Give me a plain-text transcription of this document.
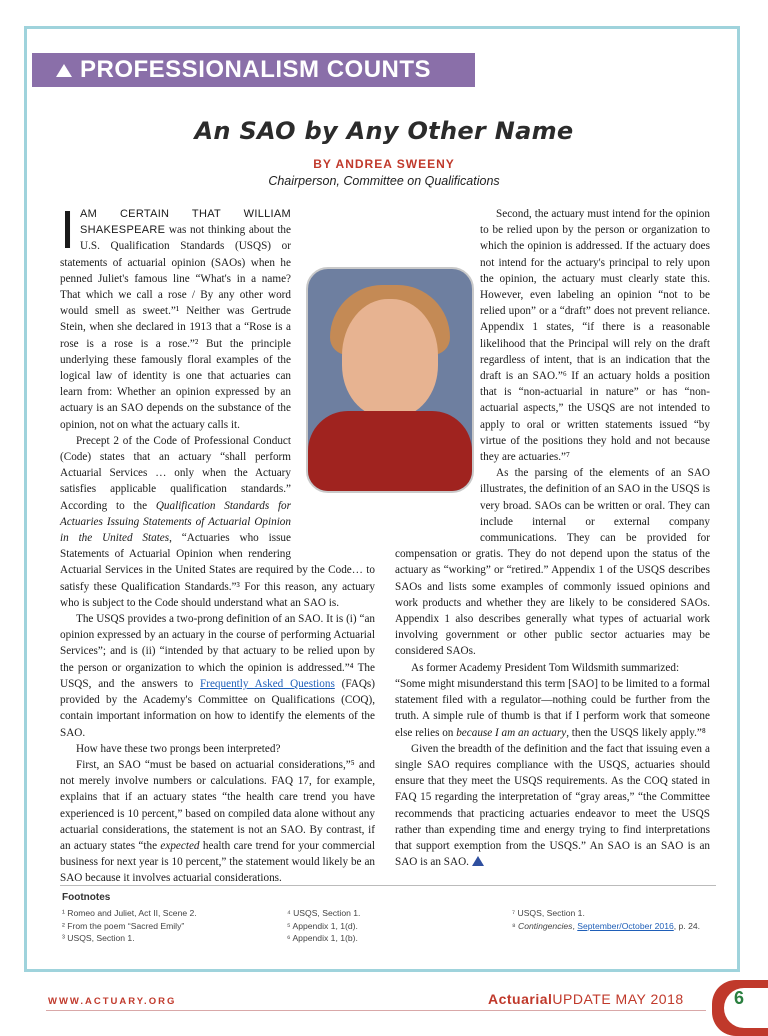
PROFESSIONALISM COUNTS
An SAO by Any Other Name
BY ANDREA SWEENY
Chairperson, Committee on Qualifications

IAM CERTAIN THAT WILLIAM SHAKESPEARE was not thinking about the U.S. Qualification Standards (USQS) or statements of actuarial opinion (SAOs) when he penned Juliet's famous line “What's in a name? That which we call a rose / By any other word would smell as sweet.”¹ Neither was Gertrude Stein, when she declared in 1913 that a “Rose is a rose is a rose is a rose.”² But the principle underlying these famously floral examples of the logical law of identity is one that actuaries can learn from: Whether an opinion expressed by an actuary is an SAO depends on the substance of the opinion, not on what the actuary calls it.

Precept 2 of the Code of Professional Conduct (Code) states that an actuary “shall perform Actuarial Services … only when the Actuary satisfies applicable qualification standards.” According to the Qualification Standards for Actuaries Issuing Statements of Actuarial Opinion in the United States, “Actuaries who issue Statements of Actuarial Opinion when rendering Actuarial Services in the United States are required by the Code… to satisfy these Qualification Standards.”³ For this reason, any actuary who is subject to the Code should understand what an SAO is.

The USQS provides a two-prong definition of an SAO. It is (i) “an opinion expressed by an actuary in the course of performing Actuarial Services”; and is (ii) “intended by that actuary to be relied upon by the person or organization to which the opinion is addressed.”⁴ The USQS, and the answers to Frequently Asked Questions (FAQs) provided by the Academy's Committee on Qualifications (COQ), contain important information on how to identify the elements of the SAO.

How have these two prongs been interpreted?

First, an SAO “must be based on actuarial considerations,”⁵ and not merely involve numbers or calculations. FAQ 17, for example, explains that if an actuary states “the health care trend you have experienced is 10 percent,” based on compiled data alone without any actuarial considerations, the statement is not an SAO. By contrast, if an actuary states “the expected health care trend for your commercial business for next year is 10 percent,” the statement would likely be an SAO because it involves actuarial considerations.

Second, the actuary must intend for the opinion to be relied upon by the person or organization to which the opinion is addressed. If the actuary does not intend for the actuary's principal to rely upon the opinion, the actuary must clearly state this. However, even labeling an opinion “not to be relied upon” or a “draft” does not prevent reliance. Appendix 1 states, “if there is a reasonable likelihood that the Principal will rely on the draft regardless of intent, that is an indication that the draft is an SAO.”⁶ If an actuary holds a position that is “non-actuarial in nature” or has “non-actuarial aspects,” the USQS are not intended to apply to oral or written statements issued “by virtue of the positions they hold and not because they are actuaries.”⁷

As the parsing of the elements of an SAO illustrates, the definition of an SAO in the USQS is very broad. SAOs can be written or oral. They can include internal or external company communications. They can be provided for compensation or gratis. They do not depend upon the status of the actuary as “working” or “retired.” Appendix 1 of the USQS describes SAOs and lists some examples of commonly issued opinions and work products and whether they are likely to be considered SAOs. Appendix 1 also describes generally what types of actuarial work involving government or other public sector actuaries may be considered SAOs.

As former Academy President Tom Wildsmith summarized:

“Some might misunderstand this term [SAO] to be limited to a formal statement filed with a regulator—nothing could be further from the truth. A simple rule of thumb is that if I perform work that someone else relies on because I am an actuary, then the USQS likely apply.”⁸

Given the breadth of the definition and the fact that issuing even a single SAO requires compliance with the USQS, actuaries should ensure that they meet the USQS requirements. As the COQ stated in FAQ 15 regarding the interpretation of “gray areas,” “the Committee recommends that practicing actuaries endeavor to meet the USQS rather than expending time and energy trying to find interpretations that support exemption from the USQS.” An SAO is an SAO is an SAO is an SAO.

Footnotes
¹ Romeo and Juliet, Act II, Scene 2.
² From the poem “Sacred Emily”
³ USQS, Section 1.
⁴ USQS, Section 1.
⁵ Appendix 1, 1(d).
⁶ Appendix 1, 1(b).
⁷ USQS, Section 1.
⁸ Contingencies, September/October 2016, p. 24.
WWW.ACTUARY.ORG	ActuarialUPDATE MAY 2018	6
